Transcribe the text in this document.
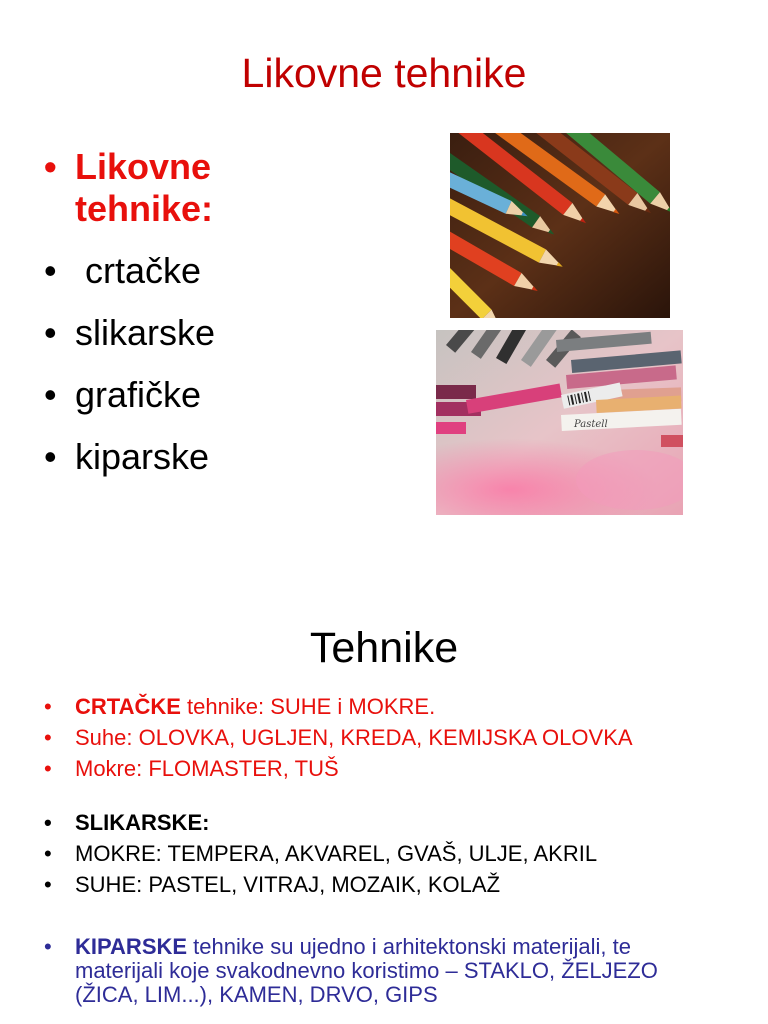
Likovne tehnike
• Likovne tehnike:
•  crtačke
• slikarske
• grafičke
• kiparske
Pastell
Tehnike
• CRTAČKE tehnike: SUHE i MOKRE.
• Suhe: OLOVKA, UGLJEN, KREDA, KEMIJSKA OLOVKA
• Mokre: FLOMASTER, TUŠ
• SLIKARSKE:
• MOKRE: TEMPERA, AKVAREL, GVAŠ, ULJE, AKRIL
• SUHE: PASTEL, VITRAJ, MOZAIK, KOLAŽ
• KIPARSKE tehnike su ujedno i arhitektonski materijali, te materijali koje svakodnevno koristimo – STAKLO, ŽELJEZO (ŽICA, LIM...), KAMEN, DRVO, GIPS
